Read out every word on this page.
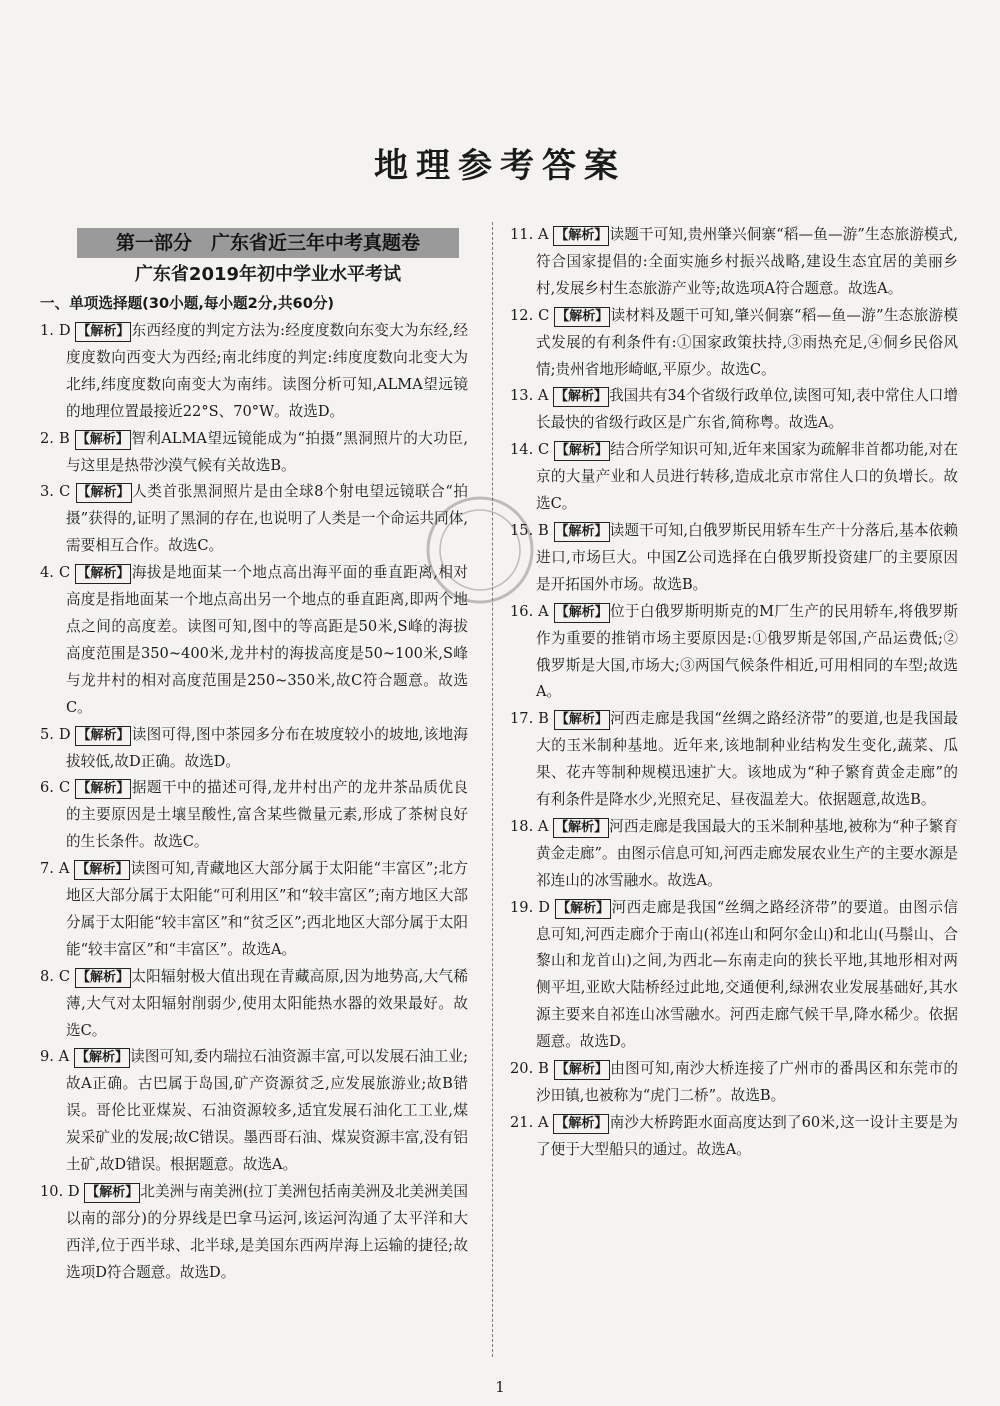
地理参考答案
第一部分　广东省近三年中考真题卷
广东省2019年初中学业水平考试
一、单项选择题(30小题,每小题2分,共60分)

1. D 【解析】 东西经度的判定方法为:经度度数向东变大为东经,经度度数向西变大为西经;南北纬度的判定:纬度度数向北变大为北纬,纬度度数向南变大为南纬。读图分析可知,ALMA望远镜的地理位置最接近22°S、70°W。故选D。

2. B 【解析】 智利ALMA望远镜能成为“拍摄”黑洞照片的大功臣,与这里是热带沙漠气候有关故选B。

3. C 【解析】 人类首张黑洞照片是由全球8个射电望远镜联合“拍摄”获得的,证明了黑洞的存在,也说明了人类是一个命运共同体,需要相互合作。故选C。

4. C 【解析】 海拔是地面某一个地点高出海平面的垂直距离,相对高度是指地面某一个地点高出另一个地点的垂直距离,即两个地点之间的高度差。读图可知,图中的等高距是50米,S峰的海拔高度范围是350~400米,龙井村的海拔高度是50~100米,S峰与龙井村的相对高度范围是250~350米,故C符合题意。故选C。

5. D 【解析】 读图可得,图中茶园多分布在坡度较小的坡地,该地海拔较低,故D正确。故选D。

6. C 【解析】 据题干中的描述可得,龙井村出产的龙井茶品质优良的主要原因是土壤呈酸性,富含某些微量元素,形成了茶树良好的生长条件。故选C。

7. A 【解析】 读图可知,青藏地区大部分属于太阳能“丰富区”;北方地区大部分属于太阳能“可利用区”和“较丰富区”;南方地区大部分属于太阳能“较丰富区”和“贫乏区”;西北地区大部分属于太阳能“较丰富区”和“丰富区”。故选A。

8. C 【解析】 太阳辐射极大值出现在青藏高原,因为地势高,大气稀薄,大气对太阳辐射削弱少,使用太阳能热水器的效果最好。故选C。

9. A 【解析】 读图可知,委内瑞拉石油资源丰富,可以发展石油工业;故A正确。古巴属于岛国,矿产资源贫乏,应发展旅游业;故B错误。哥伦比亚煤炭、石油资源较多,适宜发展石油化工工业,煤炭采矿业的发展;故C错误。墨西哥石油、煤炭资源丰富,没有铝土矿,故D错误。根据题意。故选A。

10. D 【解析】 北美洲与南美洲(拉丁美洲包括南美洲及北美洲美国以南的部分)的分界线是巴拿马运河,该运河沟通了太平洋和大西洋,位于西半球、北半球,是美国东西两岸海上运输的捷径;故选项D符合题意。故选D。

11. A 【解析】 读题干可知,贵州肇兴侗寨“稻—鱼—游”生态旅游模式,符合国家提倡的:全面实施乡村振兴战略,建设生态宜居的美丽乡村,发展乡村生态旅游产业等;故选项A符合题意。故选A。

12. C 【解析】 读材料及题干可知,肇兴侗寨“稻—鱼—游”生态旅游模式发展的有利条件有:①国家政策扶持,③雨热充足,④侗乡民俗风情;贵州省地形崎岖,平原少。故选C。

13. A 【解析】 我国共有34个省级行政单位,读图可知,表中常住人口增长最快的省级行政区是广东省,简称粤。故选A。

14. C 【解析】 结合所学知识可知,近年来国家为疏解非首都功能,对在京的大量产业和人员进行转移,造成北京市常住人口的负增长。故选C。

15. B 【解析】 读题干可知,白俄罗斯民用轿车生产十分落后,基本依赖进口,市场巨大。中国Z公司选择在白俄罗斯投资建厂的主要原因是开拓国外市场。故选B。

16. A 【解析】 位于白俄罗斯明斯克的M厂生产的民用轿车,将俄罗斯作为重要的推销市场主要原因是:①俄罗斯是邻国,产品运费低;②俄罗斯是大国,市场大;③两国气候条件相近,可用相同的车型;故选A。

17. B 【解析】 河西走廊是我国“丝绸之路经济带”的要道,也是我国最大的玉米制种基地。近年来,该地制种业结构发生变化,蔬菜、瓜果、花卉等制种规模迅速扩大。该地成为“种子繁育黄金走廊”的有利条件是降水少,光照充足、昼夜温差大。依据题意,故选B。

18. A 【解析】 河西走廊是我国最大的玉米制种基地,被称为“种子繁育黄金走廊”。由图示信息可知,河西走廊发展农业生产的主要水源是祁连山的冰雪融水。故选A。

19. D 【解析】 河西走廊是我国“丝绸之路经济带”的要道。由图示信息可知,河西走廊介于南山(祁连山和阿尔金山)和北山(马鬃山、合黎山和龙首山)之间,为西北—东南走向的狭长平地,其地形相对两侧平坦,亚欧大陆桥经过此地,交通便利,绿洲农业发展基础好,其水源主要来自祁连山冰雪融水。河西走廊气候干旱,降水稀少。依据题意。故选D。

20. B 【解析】 由图可知,南沙大桥连接了广州市的番禺区和东莞市的沙田镇,也被称为“虎门二桥”。故选B。

21. A 【解析】 南沙大桥跨距水面高度达到了60米,这一设计主要是为了便于大型船只的通过。故选A。

1
